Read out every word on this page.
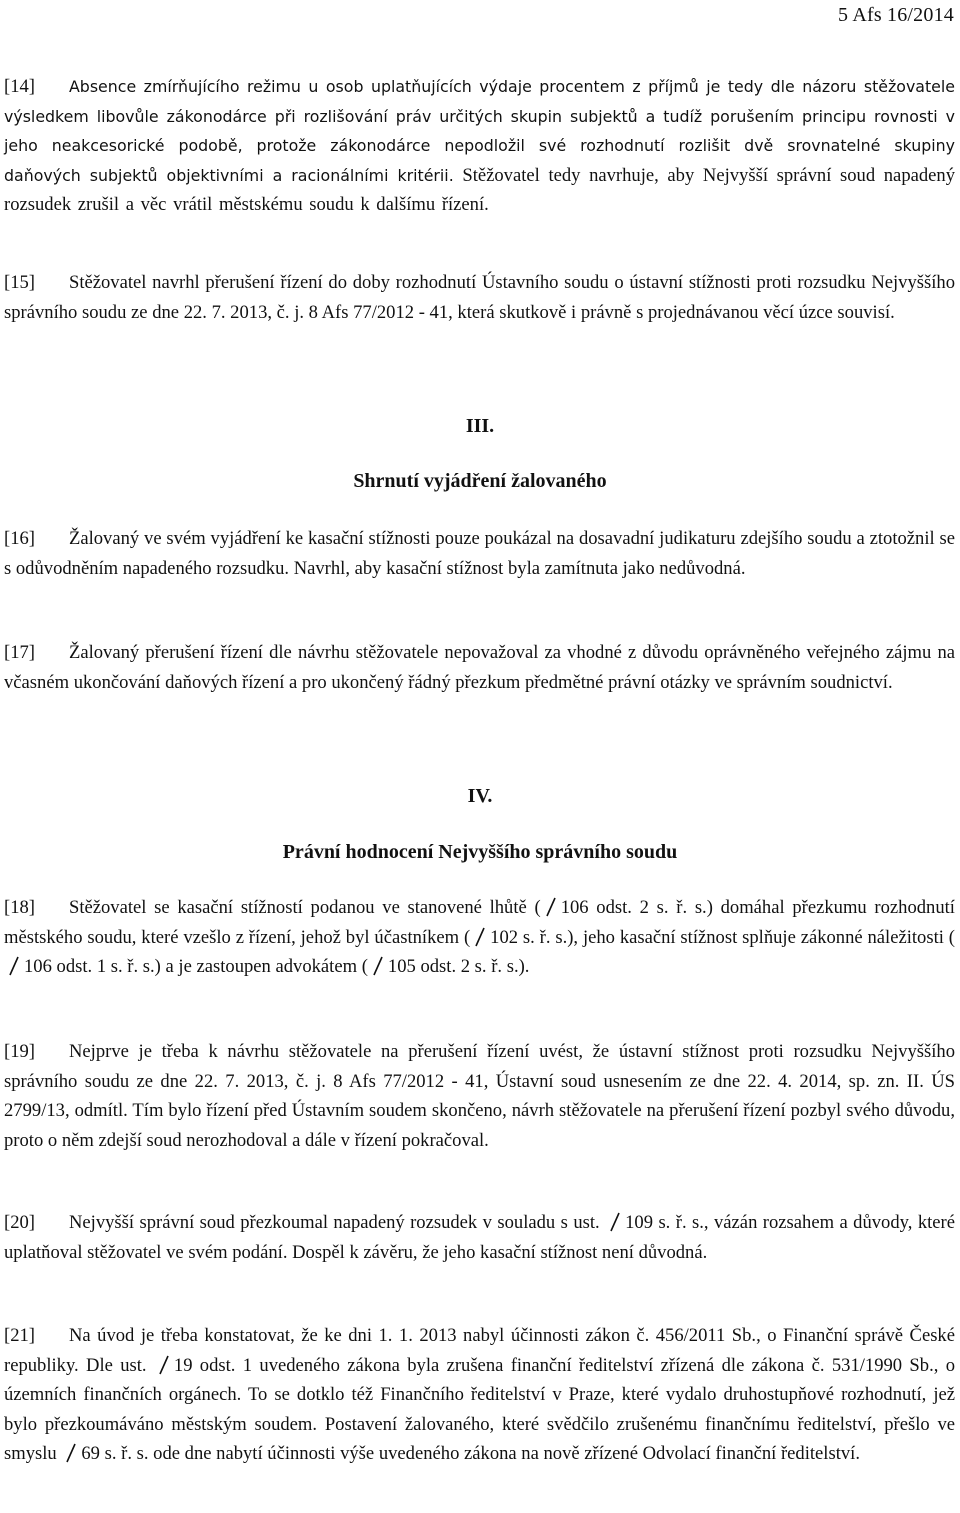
5 Afs 16/2014

[14] Absence zmírňujícího režimu u osob uplatňujících výdaje procentem z příjmů je tedy dle názoru stěžovatele výsledkem libovůle zákonodárce při rozlišování práv určitých skupin subjektů a tudíž porušením principu rovnosti v jeho neakcesorické podobě, protože zákonodárce nepodložil své rozhodnutí rozlišit dvě srovnatelné skupiny daňových subjektů objektivními a racionálními kritérii. Stěžovatel tedy navrhuje, aby Nejvyšší správní soud napadený rozsudek zrušil a věc vrátil městskému soudu k dalšímu řízení.

[15] Stěžovatel navrhl přerušení řízení do doby rozhodnutí Ústavního soudu o ústavní stížnosti proti rozsudku Nejvyššího správního soudu ze dne 22. 7. 2013, č. j. 8 Afs 77/2012 - 41, která skutkově i právně s projednávanou věcí úzce souvisí.

III.
Shrnutí vyjádření žalovaného

[16] Žalovaný ve svém vyjádření ke kasační stížnosti pouze poukázal na dosavadní judikaturu zdejšího soudu a ztotožnil se s odůvodněním napadeného rozsudku. Navrhl, aby kasační stížnost byla zamítnuta jako nedůvodná.

[17] Žalovaný přerušení řízení dle návrhu stěžovatele nepovažoval za vhodné z důvodu oprávněného veřejného zájmu na včasném ukončování daňových řízení a pro ukončený řádný přezkum předmětné právní otázky ve správním soudnictví.

IV.
Právní hodnocení Nejvyššího správního soudu

[18] Stěžovatel se kasační stížností podanou ve stanovené lhůtě ( 106 odst. 2 s. ř. s.) domáhal přezkumu rozhodnutí městského soudu, které vzešlo z řízení, jehož byl účastníkem ( 102 s. ř. s.), jeho kasační stížnost splňuje zákonné náležitosti (106 odst. 1 s. ř. s.) a je zastoupen advokátem ( 105 odst. 2 s. ř. s.).

[19] Nejprve je třeba k návrhu stěžovatele na přerušení řízení uvést, že ústavní stížnost proti rozsudku Nejvyššího správního soudu ze dne 22. 7. 2013, č. j. 8 Afs 77/2012 - 41, Ústavní soud usnesením ze dne 22. 4. 2014, sp. zn. II. ÚS 2799/13, odmítl. Tím bylo řízení před Ústavním soudem skončeno, návrh stěžovatele na přerušení řízení pozbyl svého důvodu, proto o něm zdejší soud nerozhodoval a dále v řízení pokračoval.

[20] Nejvyšší správní soud přezkoumal napadený rozsudek v souladu s ust. 109 s. ř. s., vázán rozsahem a důvody, které uplatňoval stěžovatel ve svém podání. Dospěl k závěru, že jeho kasační stížnost není důvodná.

[21] Na úvod je třeba konstatovat, že ke dni 1. 1. 2013 nabyl účinnosti zákon č. 456/2011 Sb., o Finanční správě České republiky. Dle ust. 19 odst. 1 uvedeného zákona byla zrušena finanční ředitelství zřízená dle zákona č. 531/1990 Sb., o územních finančních orgánech. To se dotklo též Finančního ředitelství v Praze, které vydalo druhostupňové rozhodnutí, jež bylo přezkoumáváno městským soudem. Postavení žalovaného, které svědčilo zrušenému finančnímu ředitelství, přešlo ve smyslu 69 s. ř. s. ode dne nabytí účinnosti výše uvedeného zákona na nově zřízené Odvolací finanční ředitelství.
